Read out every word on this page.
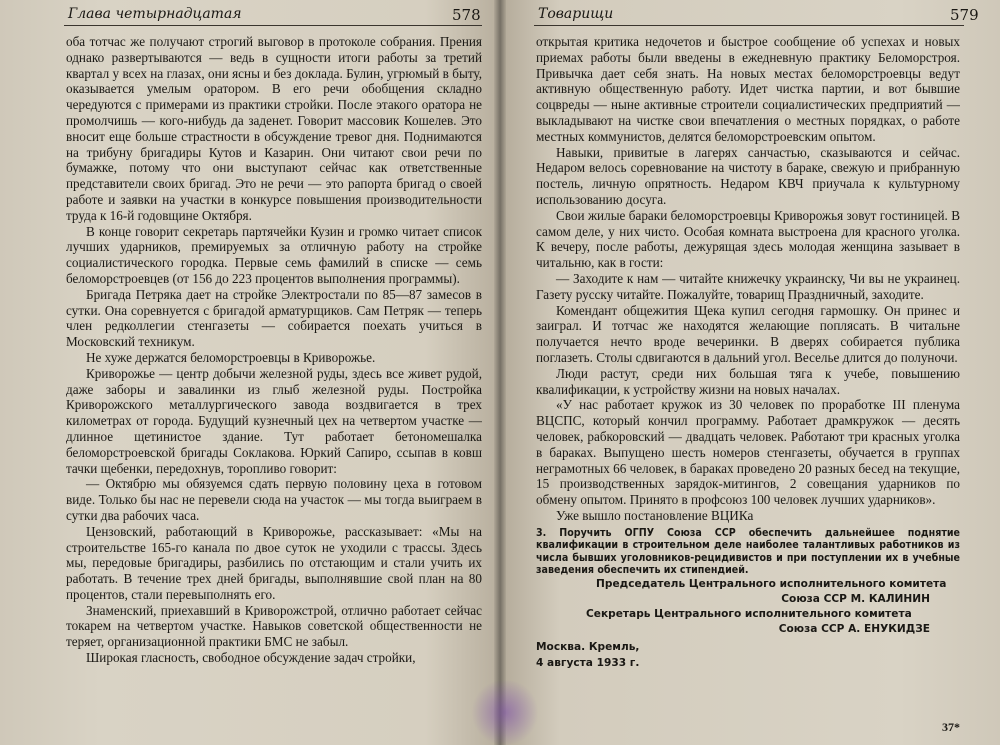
Глава четырнадцатая	578

оба тотчас же получают строгий выговор в протоколе собрания. Прения однако развертываются — ведь в сущности итоги работы за третий квартал у всех на глазах, они ясны и без доклада. Булин, угрюмый в быту, оказывается умелым оратором. В его речи обобщения складно чередуются с примерами из практики стройки. После этакого оратора не промолчишь — кого-нибудь да заденет. Говорит массовик Кошелев. Это вносит еще больше страстности в обсуждение тревог дня. Поднимаются на трибуну бригадиры Кутов и Казарин. Они читают свои речи по бумажке, потому что они выступают сейчас как ответственные представители своих бригад. Это не речи — это рапорта бригад о своей работе и заявки на участки в конкурсе повышения производительности труда к 16-й годовщине Октября.

В конце говорит секретарь партячейки Кузин и громко читает список лучших ударников, премируемых за отличную работу на стройке социалистического городка. Первые семь фамилий в списке — семь беломорстроевцев (от 156 до 223 процентов выполнения программы).

Бригада Петряка дает на стройке Электростали по 85—87 замесов в сутки. Она соревнуется с бригадой арматурщиков. Сам Петряк — теперь член редколлегии стенгазеты — собирается поехать учиться в Московский техникум.

Не хуже держатся беломорстроевцы в Криворожье.

Криворожье — центр добычи железной руды, здесь все живет рудой, даже заборы и завалинки из глыб железной руды. Постройка Криворожского металлургического завода воздвигается в трех километрах от города. Будущий кузнечный цех на четвертом участке — длинное щетинистое здание. Тут работает бетономешалка беломорстроевской бригады Соклакова. Юркий Сапиро, ссыпав в ковш тачки щебенки, передохнув, торопливо говорит:

— Октябрю мы обязуемся сдать первую половину цеха в готовом виде. Только бы нас не перевели сюда на участок — мы тогда выиграем в сутки два рабочих часа.

Цензовский, работающий в Криворожье, рассказывает: «Мы на строительстве 165-го канала по двое суток не уходили с трассы. Здесь мы, передовые бригадиры, разбились по отстающим и стали учить их работать. В течение трех дней бригады, выполнявшие свой план на 80 процентов, стали перевыполнять его.

Знаменский, приехавший в Криворожстрой, отлично работает сейчас токарем на четвертом участке. Навыков советской общественности не теряет, организационной практики БМС не забыл.

Широкая гласность, свободное обсуждение задач стройки,

Товарищи	579

открытая критика недочетов и быстрое сообщение об успехах и новых приемах работы были введены в ежедневную практику Беломорстроя. Привычка дает себя знать. На новых местах беломорстроевцы ведут активную общественную работу. Идет чистка партии, и вот бывшие соцвреды — ныне активные строители социалистических предприятий — выкладывают на чистке свои впечатления о местных порядках, о работе местных коммунистов, делятся беломорстроевским опытом.

Навыки, привитые в лагерях санчастью, сказываются и сейчас. Недаром велось соревнование на чистоту в бараке, свежую и прибранную постель, личную опрятность. Недаром КВЧ приучала к культурному использованию досуга.

Свои жилые бараки беломорстроевцы Криворожья зовут гостиницей. В самом деле, у них чисто. Особая комната выстроена для красного уголка. К вечеру, после работы, дежурящая здесь молодая женщина зазывает в читальню, как в гости:

— Заходите к нам — читайте книжечку украинску, Чи вы не украинец. Газету русску читайте. Пожалуйте, товарищ Праздничный, заходите.

Комендант общежития Щека купил сегодня гармошку. Он принес и заиграл. И тотчас же находятся желающие поплясать. В читальне получается нечто вроде вечеринки. В дверях собирается публика поглазеть. Столы сдвигаются в дальний угол. Веселье длится до полуночи.

Люди растут, среди них большая тяга к учебе, повышению квалификации, к устройству жизни на новых началах.

«У нас работает кружок из 30 человек по проработке III пленума ВЦСПС, который кончил программу. Работает драмкружок — десять человек, рабкоровский — двадцать человек. Работают три красных уголка в бараках. Выпущено шесть номеров стенгазеты, обучается в группах неграмотных 66 человек, в бараках проведено 20 разных бесед на текущие, 15 производственных зарядок-митингов, 2 совещания ударников по обмену опытом. Принято в профсоюз 100 человек лучших ударников».

Уже вышло постановление ВЦИКа

3. Поручить ОГПУ Союза ССР обеспечить дальнейшее поднятие квалификации в строительном деле наиболее талантливых работников из числа бывших уголовников-рецидивистов и при поступлении их в учебные заведения обеспечить их стипендией.

Председатель Центрального исполнительного комитета
Союза ССР М. КАЛИНИН
Секретарь Центрального исполнительного комитета
Союза ССР А. ЕНУКИДЗЕ
Москва. Кремль,
4 августа 1933 г.
37*
